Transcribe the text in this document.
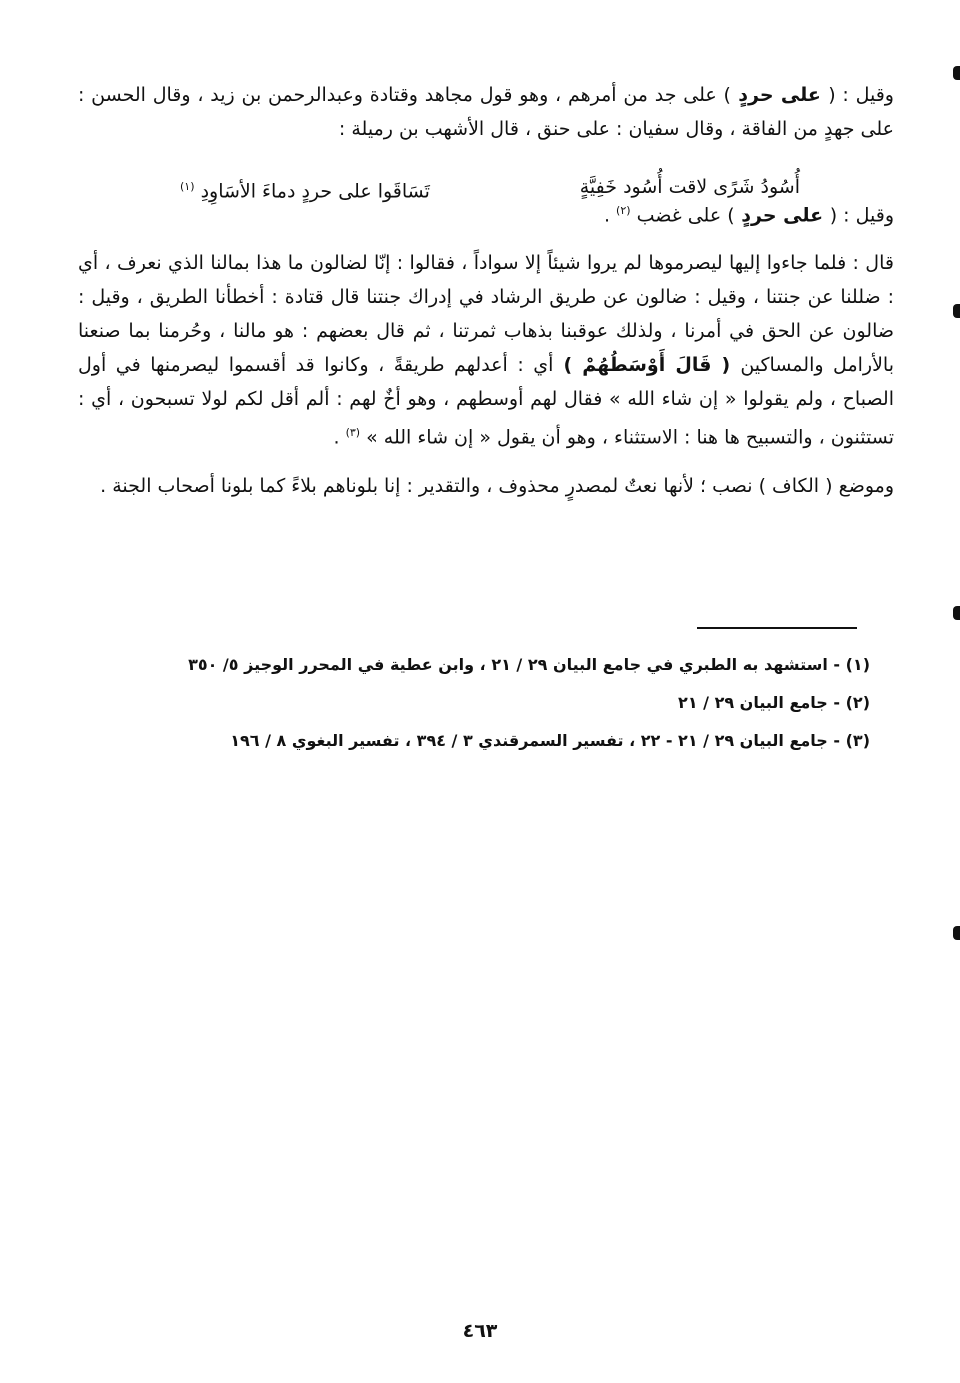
وقيل : ( على حردٍ ) على جد من أمرهم ، وهو قول مجاهد وقتادة وعبدالرحمن بن زيد ، وقال الحسن : على جهدٍ من الفاقة ، وقال سفيان : على حنق ، قال الأشهب بن رميلة :

وقيل : ( على حردٍ ) على غضب $^{(٢)}$ .

قال : فلما جاءوا إليها ليصرموها لم يروا شيئاً إلا سواداً ، فقالوا : إنّا لضالون ما هذا بمالنا الذي نعرف ، أي : ضللنا عن جنتنا ، وقيل : ضالون عن طريق الرشاد في إدراك جنتنا قال قتادة : أخطأنا الطريق ، وقيل : ضالون عن الحق في أمرنا ، ولذلك عوقبنا بذهاب ثمرتنا ، ثم قال بعضهم : هو مالنا ، وحُرمنا بما صنعنا بالأرامل والمساكين ( قَالَ أَوْسَطُهُمْ ) أي : أعدلهم طريقةً ، وكانوا قد أقسموا ليصرمنها في أول الصباح ، ولم يقولوا « إن شاء الله » فقال لهم أوسطهم ، وهو أخٌ لهم : ألم أقل لكم لولا تسبحون ، أي : تستثنون ، والتسبيح ها هنا : الاستثناء ، وهو أن يقول « إن شاء الله » $^{(٣)}$ .

وموضع ( الكاف ) نصب ؛ لأنها نعتٌ لمصدرٍ محذوف ، والتقدير : إنا بلوناهم بلاءً كما بلونا أصحاب الجنة .

أُسُودُ شَرًى لاقت أُسُود خَفِيَّةٍ
تَسَاقَوا على حردٍ دماءَ الأسَاوِدِ $^{(١)}$
(١) - استشهد به الطبري في جامع البيان ٢٩ / ٢١ ، وابن عطية في المحرر الوجيز ٥/ ٣٥٠
(٢) - جامع البيان ٢٩ / ٢١
(٣) - جامع البيان ٢٩ / ٢١ - ٢٢ ، تفسير السمرقندي ٣ / ٣٩٤ ، تفسير البغوي ٨ / ١٩٦
٤٦٣
